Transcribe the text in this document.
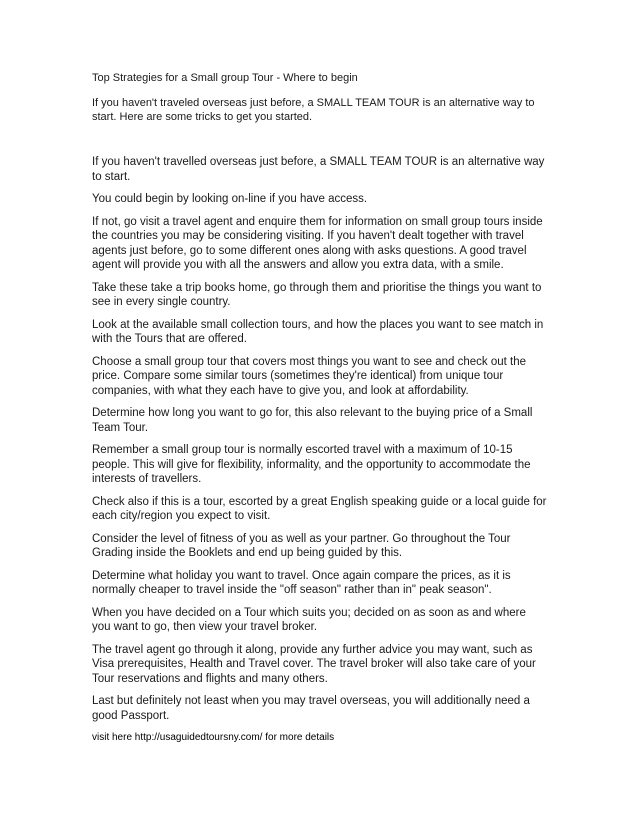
Top Strategies for a Small group Tour - Where to begin

If you haven't traveled overseas just before, a SMALL TEAM TOUR is an alternative way to start. Here are some tricks to get you started.

If you haven't travelled overseas just before, a SMALL TEAM TOUR is an alternative way to start.

You could begin by looking on-line if you have access.

If not, go visit a travel agent and enquire them for information on small group tours inside the countries you may be considering visiting. If you haven't dealt together with travel agents just before, go to some different ones along with asks questions. A good travel agent will provide you with all the answers and allow you extra data, with a smile.

Take these take a trip books home, go through them and prioritise the things you want to see in every single country.

Look at the available small collection tours, and how the places you want to see match in with the Tours that are offered.

Choose a small group tour that covers most things you want to see and check out the price. Compare some similar tours (sometimes they're identical) from unique tour companies, with what they each have to give you, and look at affordability.

Determine how long you want to go for, this also relevant to the buying price of a Small Team Tour.

Remember a small group tour is normally escorted travel with a maximum of 10-15 people. This will give for flexibility, informality, and the opportunity to accommodate the interests of travellers.

Check also if this is a tour, escorted by a great English speaking guide or a local guide for each city/region you expect to visit.

Consider the level of fitness of you as well as your partner. Go throughout the Tour Grading inside the Booklets and end up being guided by this.

Determine what holiday you want to travel. Once again compare the prices, as it is normally cheaper to travel inside the "off season" rather than in" peak season".

When you have decided on a Tour which suits you; decided on as soon as and where you want to go, then view your travel broker.

The travel agent go through it along, provide any further advice you may want, such as Visa prerequisites, Health and Travel cover. The travel broker will also take care of your Tour reservations and flights and many others.

Last but definitely not least when you may travel overseas, you will additionally need a good Passport.

visit here http://usaguidedtoursny.com/ for more details
